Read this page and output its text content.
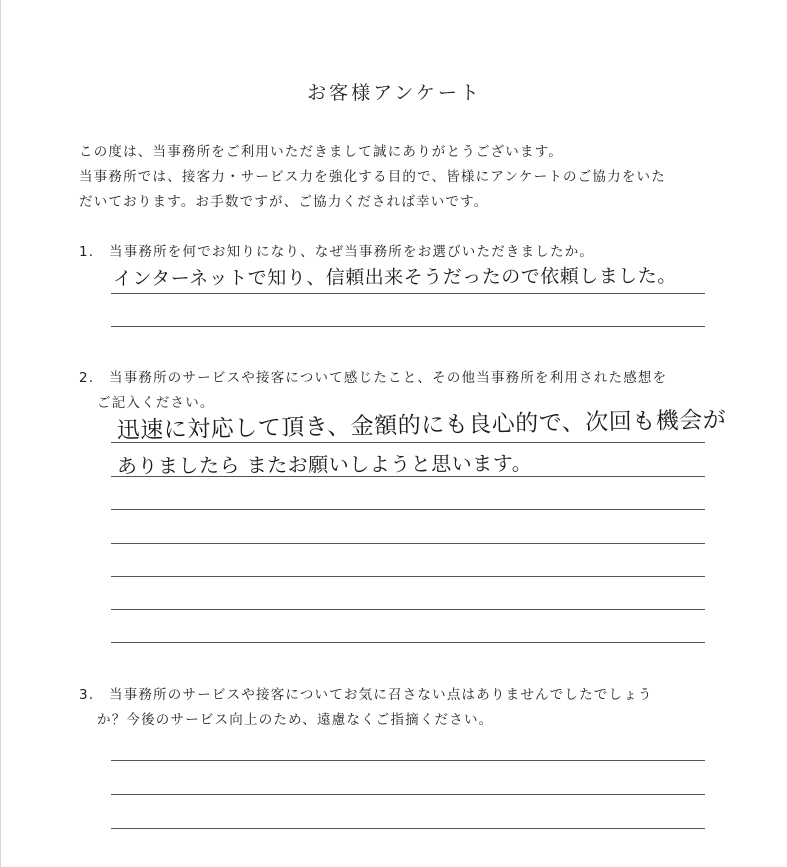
お客様アンケート
この度は、当事務所をご利用いただきまして誠にありがとうございます。
当事務所では、接客力・サービス力を強化する目的で、皆様にアンケートのご協力をいた
だいております。お手数ですが、ご協力くだされば幸いです。
1. 当事務所を何でお知りになり、なぜ当事務所をお選びいただきましたか。
インターネットで知り、信頼出来そうだったので依頼しました。
2. 当事務所のサービスや接客について感じたこと、その他当事務所を利用された感想を
ご記入ください。
迅速に対応して頂き、金額的にも良心的で、次回も機会が
ありましたら またお願いしようと思います。
3. 当事務所のサービスや接客についてお気に召さない点はありませんでしたでしょう
か？今後のサービス向上のため、遠慮なくご指摘ください。
